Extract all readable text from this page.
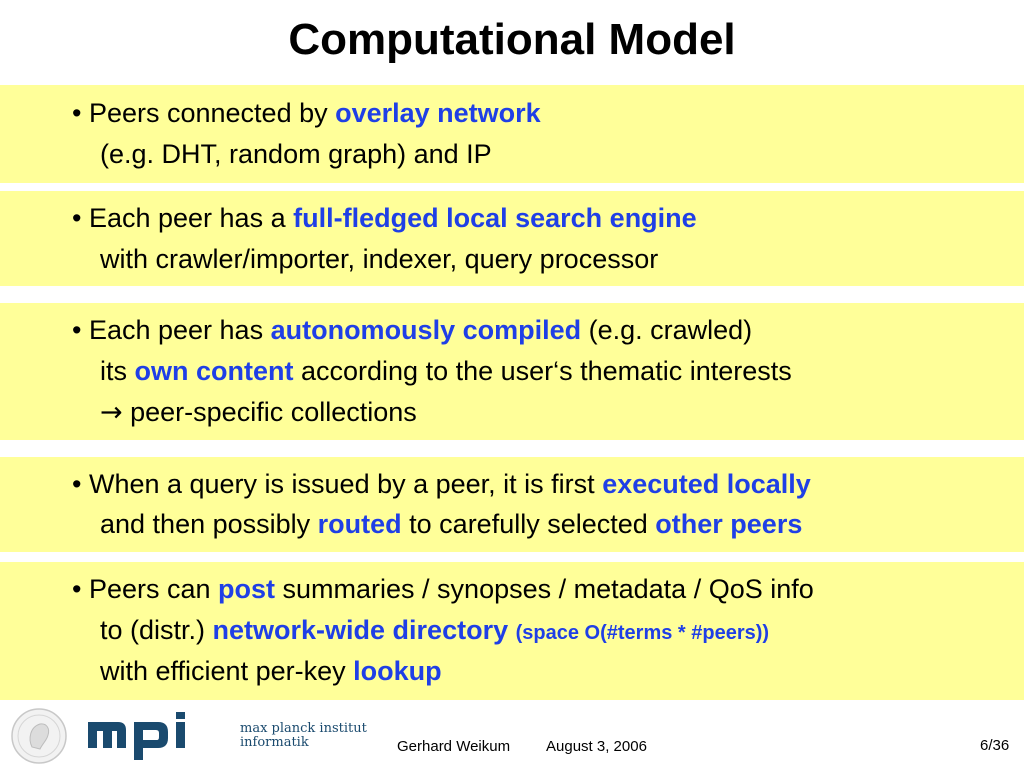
Computational Model
• Peers connected by overlay network
(e.g. DHT, random graph) and IP
• Each peer has a full-fledged local search engine
with crawler/importer, indexer, query processor
• Each peer has autonomously compiled (e.g. crawled)
its own content according to the user‘s thematic interests
→ peer-specific collections
• When a query is issued by a peer, it is first executed locally
and then possibly routed to carefully selected other peers
• Peers can post summaries / synopses / metadata / QoS info
to (distr.) network-wide directory (space O(#terms * #peers))
with efficient per-key lookup
max planck institut
informatik	Gerhard Weikum August 3, 2006	6/36
